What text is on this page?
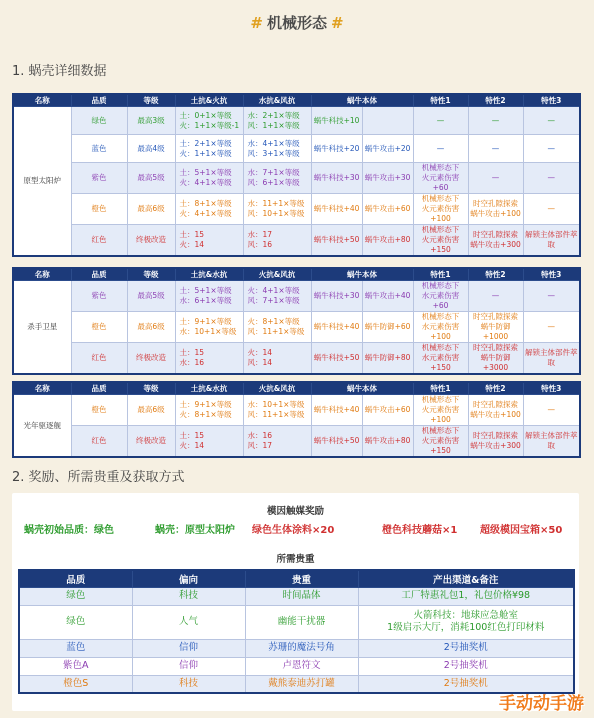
# 机械形态 #
1. 蜗壳详细数据
名称	品质	等级	土抗&火抗	水抗&风抗	蜗牛本体		特性1	特性2	特性3
原型太阳炉	绿色	最高3级	土：0+1×等级
火：1+1×等级-1	水：2+1×等级
风：1+1×等级	蜗牛科技+10		—	—	—
	蓝色	最高4级	土：2+1×等级
火：1+1×等级	水：4+1×等级
风：3+1×等级	蜗牛科技+20	蜗牛攻击+20	—	—	—
	紫色	最高5级	土：5+1×等级
火：4+1×等级	水：7+1×等级
风：6+1×等级	蜗牛科技+30	蜗牛攻击+30	机械形态下
火元素伤害+60	—	—
	橙色	最高6级	土：8+1×等级
火：4+1×等级	水：11+1×等级
风：10+1×等级	蜗牛科技+40	蜗牛攻击+60	机械形态下
火元素伤害+100	时空孔隙探索
蜗牛攻击+100	—
	红色	终极改造	土：15
火：14	水：17
风：16	蜗牛科技+50	蜗牛攻击+80	机械形态下
火元素伤害+150	时空孔隙探索
蜗牛攻击+300	解锁主体部件萃取
名称	品质	等级	土抗&水抗	火抗&风抗	蜗牛本体		特性1	特性2	特性3
杀手卫星	紫色	最高5级	土：5+1×等级
水：6+1×等级	火：4+1×等级
风：7+1×等级	蜗牛科技+30	蜗牛攻击+40	机械形态下
水元素伤害+60	—	—
	橙色	最高6级	土：9+1×等级
水：10+1×等级	火：8+1×等级
风：11+1×等级	蜗牛科技+40	蜗牛防御+60	机械形态下
水元素伤害+100	时空孔隙探索
蜗牛防御+1000	—
	红色	终极改造	土：15
水：16	火：14
风：14	蜗牛科技+50	蜗牛防御+80	机械形态下
水元素伤害+150	时空孔隙探索
蜗牛防御+3000	解锁主体部件萃取
名称	品质	等级	土抗&水抗	火抗&风抗	蜗牛本体		特性1	特性2	特性3
光年驱逐舰	橙色	最高6级	土：9+1×等级
火：8+1×等级	水：10+1×等级
风：11+1×等级	蜗牛科技+40	蜗牛攻击+60	机械形态下
火元素伤害+100	时空孔隙探索
蜗牛攻击+100	—
	红色	终极改造	土：15
火：14	水：16
风：17	蜗牛科技+50	蜗牛攻击+80	机械形态下
火元素伤害+150	时空孔隙探索
蜗牛攻击+300	解锁主体部件萃取
2. 奖励、所需贵重及获取方式
模因触媒奖励
蜗壳初始品质：绿色	蜗壳：原型太阳炉 绿色生体涂料×20	橙色科技蘑菇×1 超级模因宝箱×50
所需贵重
品质	偏向	贵重	产出渠道&备注
绿色	科技	时间晶体	工厂特惠礼包1，礼包价格¥98
绿色	人气	幽能干扰器	火箭科技：地球应急舱室
1级启示大厅，消耗100红色打印材料
蓝色	信仰	苏珊的魔法号角	2号抽奖机
紫色A	信仰	卢恩符文	2号抽奖机
橙色S	科技	戴熊泰迪苏打罐	2号抽奖机
手动动手游
